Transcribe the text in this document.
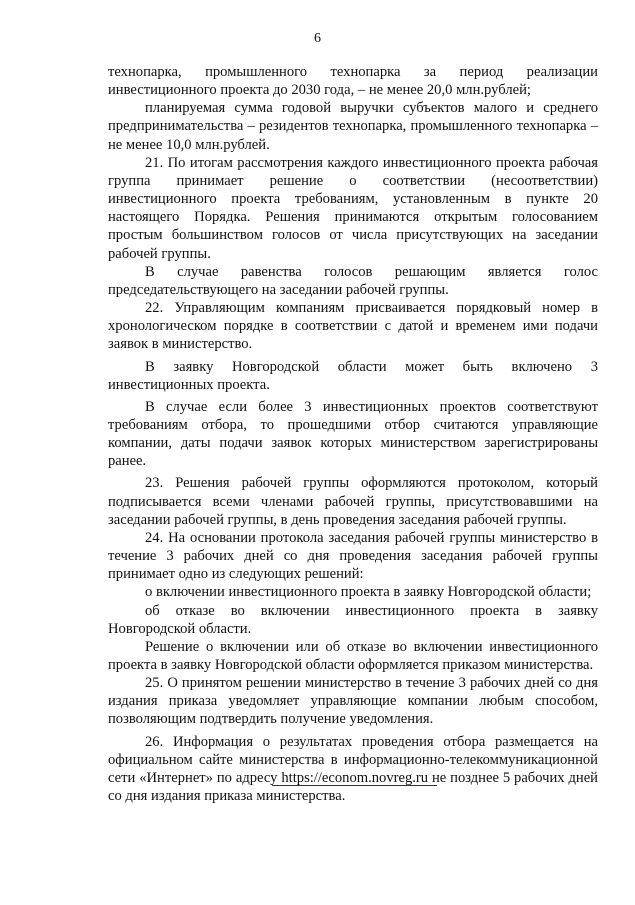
6

технопарка, промышленного технопарка за период реализации инвестиционного проекта до 2030 года, – не менее 20,0 млн.рублей;

планируемая сумма годовой выручки субъектов малого и среднего предпринимательства – резидентов технопарка, промышленного технопарка – не менее 10,0 млн.рублей.

21. По итогам рассмотрения каждого инвестиционного проекта рабочая группа принимает решение о соответствии (несоответствии) инвестиционного проекта требованиям, установленным в пункте 20 настоящего Порядка. Решения принимаются открытым голосованием простым большинством голосов от числа присутствующих на заседании рабочей группы.

В случае равенства голосов решающим является голос председательствующего на заседании рабочей группы.

22. Управляющим компаниям присваивается порядковый номер в хронологическом порядке в соответствии с датой и временем ими подачи заявок в министерство.

В заявку Новгородской области может быть включено 3 инвестиционных проекта.

В случае если более 3 инвестиционных проектов соответствуют требованиям отбора, то прошедшими отбор считаются управляющие компании, даты подачи заявок которых министерством зарегистрированы ранее.

23. Решения рабочей группы оформляются протоколом, который подписывается всеми членами рабочей группы, присутствовавшими на заседании рабочей группы, в день проведения заседания рабочей группы.

24. На основании протокола заседания рабочей группы министерство в течение 3 рабочих дней со дня проведения заседания рабочей группы принимает одно из следующих решений:

о включении инвестиционного проекта в заявку Новгородской области;

об отказе во включении инвестиционного проекта в заявку Новгородской области.

Решение о включении или об отказе во включении инвестиционного проекта в заявку Новгородской области оформляется приказом министерства.

25. О принятом решении министерство в течение 3 рабочих дней со дня издания приказа уведомляет управляющие компании любым способом, позволяющим подтвердить получение уведомления.

26. Информация о результатах проведения отбора размещается на официальном сайте министерства в информационно-телекоммуникационной сети «Интернет» по адресу https://econom.novreg.ru не позднее 5 рабочих дней со дня издания приказа министерства.
